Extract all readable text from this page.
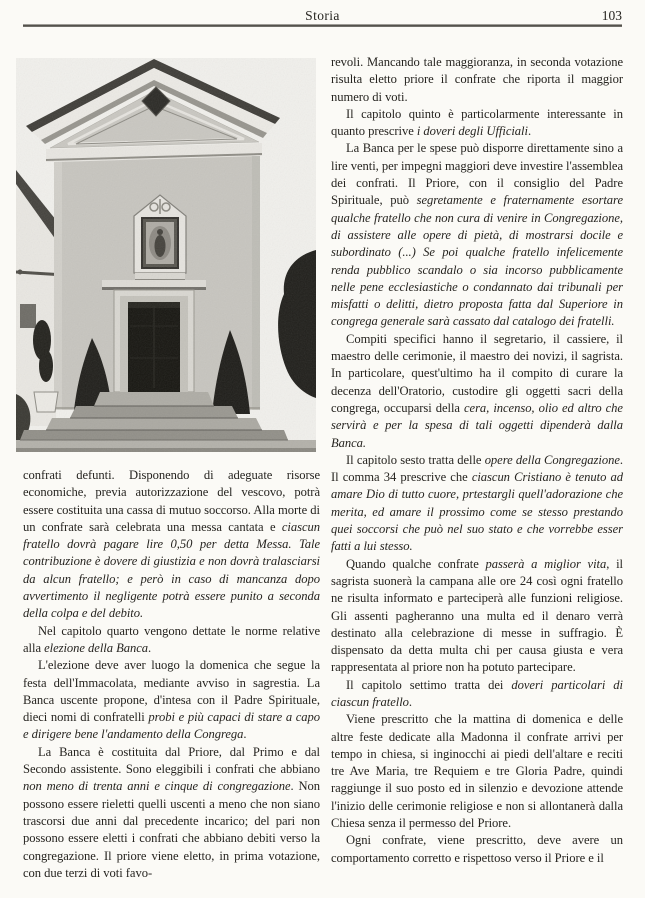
Storia	103

confrati defunti. Disponendo di adeguate risorse economiche, previa autorizzazione del vescovo, potrà essere costituita una cassa di mutuo soccorso. Alla morte di un confrate sarà celebrata una messa cantata e ciascun fratello dovrà pagare lire 0,50 per detta Messa. Tale contribuzione è dovere di giustizia e non dovrà tralasciarsi da alcun fratello; e però in caso di mancanza dopo avvertimento il negligente potrà essere punito a seconda della colpa e del debito.

Nel capitolo quarto vengono dettate le norme relative alla elezione della Banca.

L'elezione deve aver luogo la domenica che segue la festa dell'Immacolata, mediante avviso in sagrestia. La Banca uscente propone, d'intesa con il Padre Spirituale, dieci nomi di confratelli probi e più capaci di stare a capo e dirigere bene l'andamento della Congrega.

La Banca è costituita dal Priore, dal Primo e dal Secondo assistente. Sono eleggibili i confrati che abbiano non meno di trenta anni e cinque di congregazione. Non possono essere rieletti quelli uscenti a meno che non siano trascorsi due anni dal precedente incarico; del pari non possono essere eletti i confrati che abbiano debiti verso la congregazione. Il priore viene eletto, in prima votazione, con due terzi di voti favo-

revoli. Mancando tale maggioranza, in seconda votazione risulta eletto priore il confrate che riporta il maggior numero di voti.

Il capitolo quinto è particolarmente interessante in quanto prescrive i doveri degli Ufficiali.

La Banca per le spese può disporre direttamente sino a lire venti, per impegni maggiori deve investire l'assemblea dei confrati. Il Priore, con il consiglio del Padre Spirituale, può segretamente e fraternamente esortare qualche fratello che non cura di venire in Congregazione, di assistere alle opere di pietà, di mostrarsi docile e subordinato (...) Se poi qualche fratello infelicemente renda pubblico scandalo o sia incorso pubblicamente nelle pene ecclesiastiche o condannato dai tribunali per misfatti o delitti, dietro proposta fatta dal Superiore in congrega generale sarà cassato dal catalogo dei fratelli.

Compiti specifici hanno il segretario, il cassiere, il maestro delle cerimonie, il maestro dei novizi, il sagrista. In particolare, quest'ultimo ha il compito di curare la decenza dell'Oratorio, custodire gli oggetti sacri della congrega, occuparsi della cera, incenso, olio ed altro che servirà e per la spesa di tali oggetti dipenderà dalla Banca.

Il capitolo sesto tratta delle opere della Congregazione. Il comma 34 prescrive che ciascun Cristiano è tenuto ad amare Dio di tutto cuore, prtestargli quell'adorazione che merita, ed amare il prossimo come se stesso prestando quei soccorsi che può nel suo stato e che vorrebbe esser fatti a lui stesso.

Quando qualche confrate passerà a miglior vita, il sagrista suonerà la campana alle ore 24 così ogni fratello ne risulta informato e parteciperà alle funzioni religiose. Gli assenti pagheranno una multa ed il denaro verrà destinato alla celebrazione di messe in suffragio. È dispensato da detta multa chi per causa giusta e vera rappresentata al priore non ha potuto partecipare.

Il capitolo settimo tratta dei doveri particolari di ciascun fratello.

Viene prescritto che la mattina di domenica e delle altre feste dedicate alla Madonna il confrate arrivi per tempo in chiesa, si inginocchi ai piedi dell'altare e reciti tre Ave Maria, tre Requiem e tre Gloria Padre, quindi raggiunge il suo posto ed in silenzio e devozione attende l'inizio delle cerimonie religiose e non si allontanerà dalla Chiesa senza il permesso del Priore.

Ogni confrate, viene prescritto, deve avere un comportamento corretto e rispettoso verso il Priore e il
